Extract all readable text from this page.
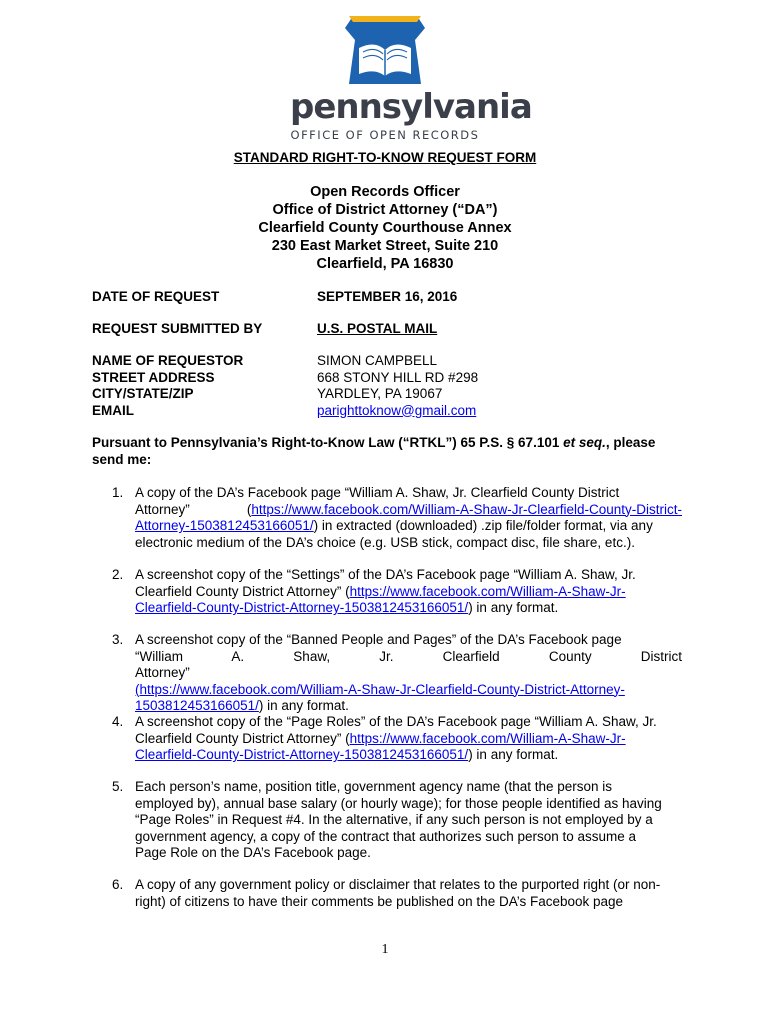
pennsylvania
OFFICE OF OPEN RECORDS
STANDARD RIGHT-TO-KNOW REQUEST FORM
Open Records Officer
Office of District Attorney (“DA”)
Clearfield County Courthouse Annex
230 East Market Street, Suite 210
Clearfield, PA 16830
DATE OF REQUEST	SEPTEMBER 16, 2016
REQUEST SUBMITTED BY	U.S. POSTAL MAIL
NAME OF REQUESTOR
STREET ADDRESS
CITY/STATE/ZIP
EMAIL
SIMON CAMPBELL
668 STONY HILL RD #298
YARDLEY, PA 19067
parighttoknow@gmail.com
Pursuant to Pennsylvania’s Right-to-Know Law (“RTKL”) 65 P.S. § 67.101 et seq., please send me:
1. A copy of the DA’s Facebook page “William A. Shaw, Jr. Clearfield County District
Attorney” (https://www.facebook.com/William-A-Shaw-Jr-Clearfield-County-District-
Attorney-1503812453166051/) in extracted (downloaded) .zip file/folder format, via any
electronic medium of the DA’s choice (e.g. USB stick, compact disc, file share, etc.).
2. A screenshot copy of the “Settings” of the DA’s Facebook page “William A. Shaw, Jr.
Clearfield County District Attorney” (https://www.facebook.com/William-A-Shaw-Jr-
Clearfield-County-District-Attorney-1503812453166051/) in any format.
3. A screenshot copy of the “Banned People and Pages” of the DA’s Facebook page
“William A. Shaw, Jr. Clearfield County District Attorney”
(https://www.facebook.com/William-A-Shaw-Jr-Clearfield-County-District-Attorney-
1503812453166051/) in any format.
4. A screenshot copy of the “Page Roles” of the DA’s Facebook page “William A. Shaw, Jr.
Clearfield County District Attorney” (https://www.facebook.com/William-A-Shaw-Jr-
Clearfield-County-District-Attorney-1503812453166051/) in any format.
5. Each person’s name, position title, government agency name (that the person is
employed by), annual base salary (or hourly wage); for those people identified as having
“Page Roles” in Request #4. In the alternative, if any such person is not employed by a
government agency, a copy of the contract that authorizes such person to assume a
Page Role on the DA’s Facebook page.
6. A copy of any government policy or disclaimer that relates to the purported right (or non-
right) of citizens to have their comments be published on the DA’s Facebook page
1
